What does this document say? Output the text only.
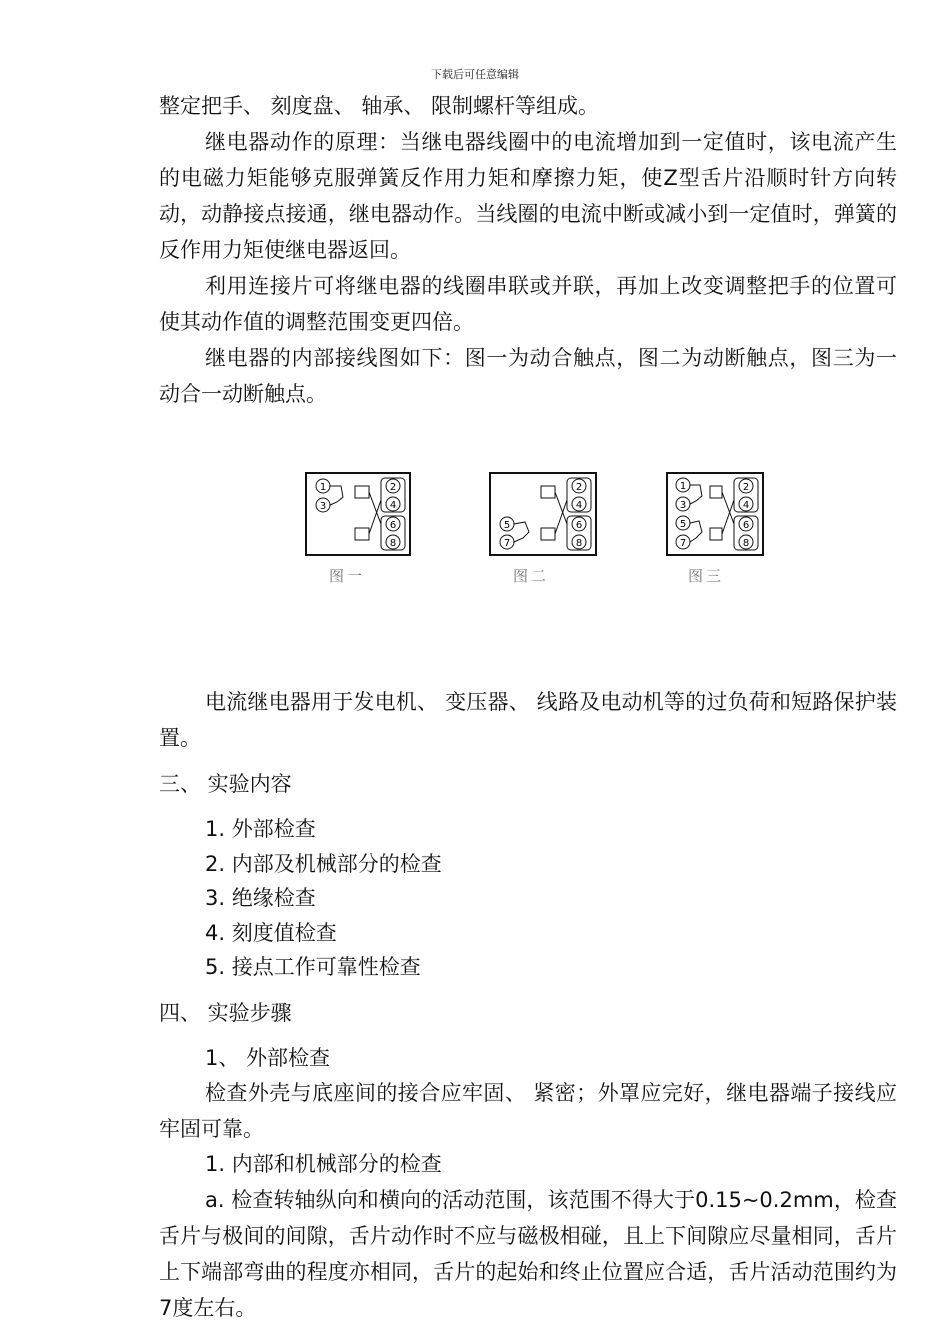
下载后可任意编辑

整定把手、 刻度盘、 轴承、 限制螺杆等组成。

继电器动作的原理：当继电器线圈中的电流增加到一定值时，该电流产生的电磁力矩能够克服弹簧反作用力矩和摩擦力矩，使Z型舌片沿顺时针方向转动，动静接点接通，继电器动作。当线圈的电流中断或减小到一定值时，弹簧的反作用力矩使继电器返回。

利用连接片可将继电器的线圈串联或并联，再加上改变调整把手的位置可使其动作值的调整范围变更四倍。

继电器的内部接线图如下：图一为动合触点，图二为动断触点，图三为一动合一动断触点。

1
3
2
4
6
8
图一
5
7
2
4
6
8
图二
1
3
5
7
2
4
6
8
图三

电流继电器用于发电机、 变压器、 线路及电动机等的过负荷和短路保护装置。

三、 实验内容

1. 外部检查

2. 内部及机械部分的检查

3. 绝缘检查

4. 刻度值检查

5. 接点工作可靠性检查

四、 实验步骤

1、 外部检查

检查外壳与底座间的接合应牢固、 紧密；外罩应完好，继电器端子接线应牢固可靠。

1. 内部和机械部分的检查

a. 检查转轴纵向和横向的活动范围，该范围不得大于0.15~0.2mm，检查舌片与极间的间隙，舌片动作时不应与磁极相碰，且上下间隙应尽量相同，舌片上下端部弯曲的程度亦相同，舌片的起始和终止位置应合适，舌片活动范围约为7度左右。
